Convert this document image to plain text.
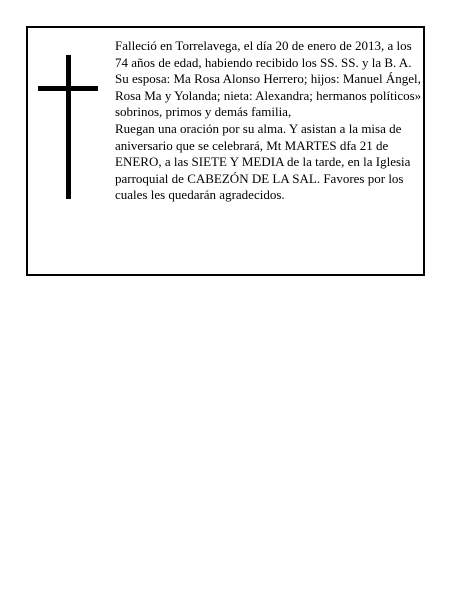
Falleció en Torrelavega, el día 20 de enero de 2013, a los 74 años de edad, habiendo recibido los SS. SS. y la B. A.

Su esposa: Ma Rosa Alonso Herrero; hijos: Manuel Ángel, Rosa Ma y Yolanda; nieta: Alexandra; hermanos políticos» sobrinos, primos y demás familia,

Ruegan una oración por su alma. Y asistan a la misa de aniversario que se celebrará, Mt MARTES dfa 21 de ENERO, a las SIETE Y MEDIA de la tarde, en la Iglesia parroquial de CABEZÓN DE LA SAL. Favores por los cuales les quedarán agradecidos.
